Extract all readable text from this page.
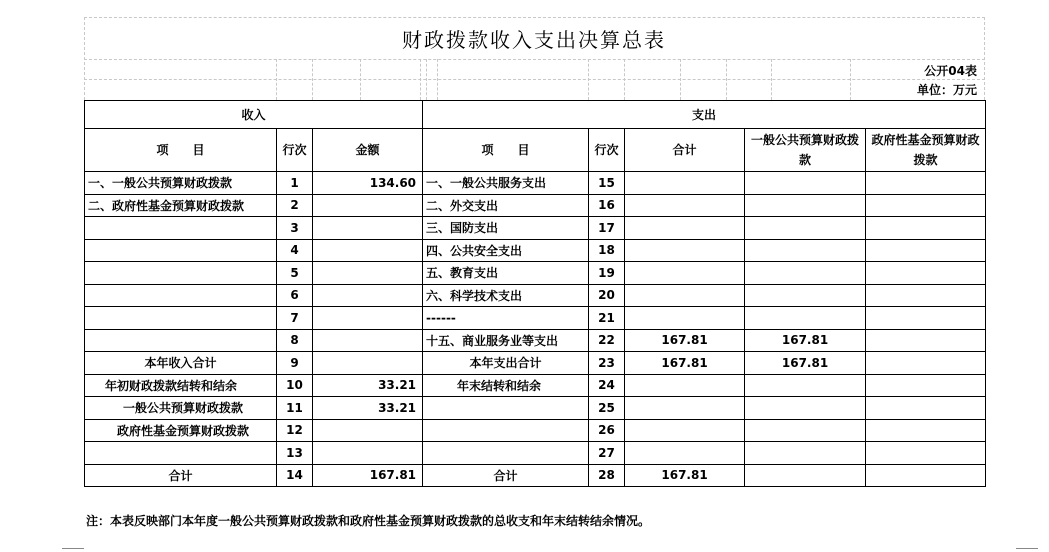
财政拨款收入支出决算总表
公开04表
单位：万元
收入			支出				
项　　目	行次	金额	项　　目	行次	合计	一般公共预算财政拨款	政府性基金预算财政拨款
一、一般公共预算财政拨款	1	134.60	一、一般公共服务支出	15			
二、政府性基金预算财政拨款	2		二、外交支出	16			
	3		三、国防支出	17			
	4		四、公共安全支出	18			
	5		五、教育支出	19			
	6		六、科学技术支出	20			
	7		------	21			
	8		十五、商业服务业等支出	22	167.81	167.81	
本年收入合计	9		本年支出合计	23	167.81	167.81	
年初财政拨款结转和结余	10	33.21	年末结转和结余	24			
一般公共预算财政拨款	11	33.21		25			
政府性基金预算财政拨款	12			26			
	13			27			
合计	14	167.81	合计	28	167.81		
注：本表反映部门本年度一般公共预算财政拨款和政府性基金预算财政拨款的总收支和年末结转结余情况。
